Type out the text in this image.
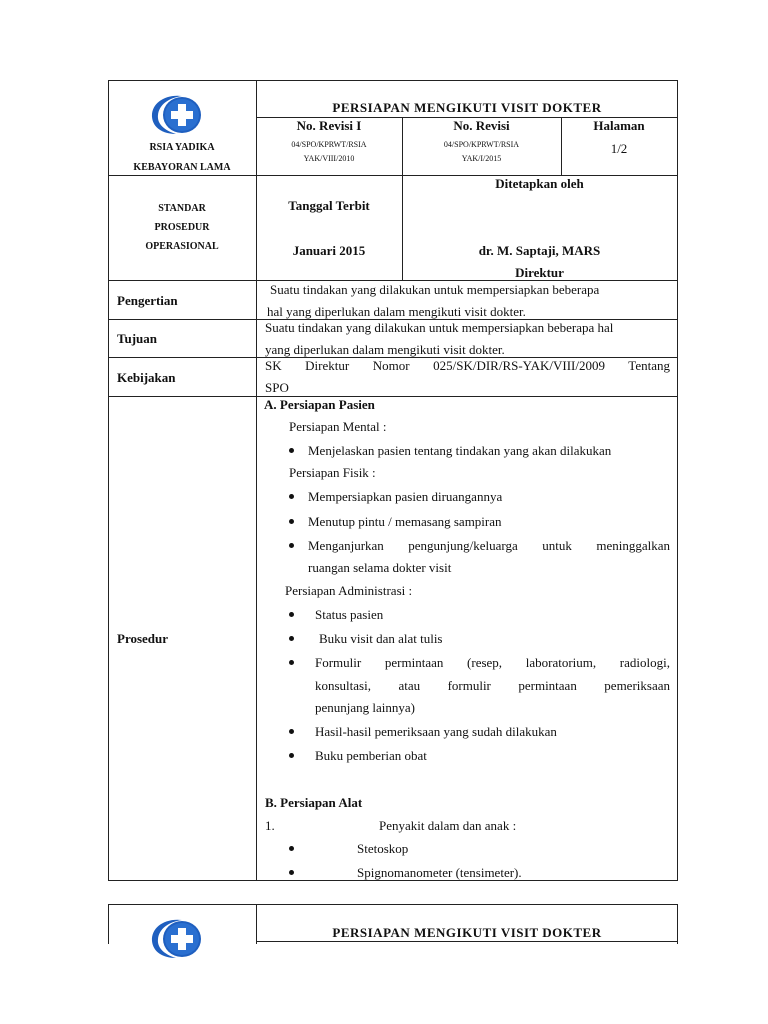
RSIA YADIKA
KEBAYORAN LAMA
PERSIAPAN MENGIKUTI VISIT DOKTER
No. Revisi I
04/SPO/KPRWT/RSIA
YAK/VIII/2010
No. Revisi
04/SPO/KPRWT/RSIA
YAK/I/2015
Halaman
1/2
STANDAR
PROSEDUR
OPERASIONAL
Tanggal Terbit
Januari 2015
Ditetapkan oleh
dr. M. Saptaji, MARS
Direktur
Pengertian
Suatu tindakan yang dilakukan untuk mempersiapkan beberapa
hal yang diperlukan dalam mengikuti visit dokter.
Tujuan
Suatu tindakan yang dilakukan untuk mempersiapkan beberapa hal
yang diperlukan dalam mengikuti visit dokter.
Kebijakan
SK Direktur Nomor 025/SK/DIR/RS-YAK/VIII/2009 Tentang
SPO
Prosedur
A. Persiapan Pasien
Persiapan Mental :
Menjelaskan pasien tentang tindakan yang akan dilakukan
Persiapan Fisik :
Mempersiapkan pasien diruangannya
Menutup pintu / memasang sampiran
Menganjurkan pengunjung/keluarga untuk meninggalkan
ruangan selama dokter visit
Persiapan Administrasi :
Status pasien
Buku visit dan alat tulis
Formulir permintaan (resep, laboratorium, radiologi,
konsultasi, atau formulir permintaan pemeriksaan
penunjang lainnya)
Hasil-hasil pemeriksaan yang sudah dilakukan
Buku pemberian obat
B. Persiapan Alat
1.	Penyakit dalam dan anak :
Stetoskop
Spignomanometer (tensimeter).
PERSIAPAN MENGIKUTI VISIT DOKTER
